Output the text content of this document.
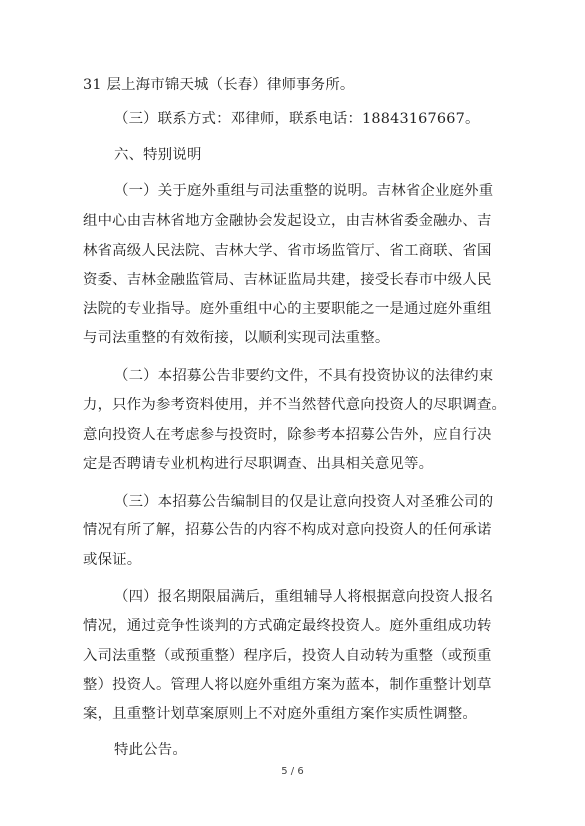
31 层上海市锦天城（长春）律师事务所。
（三）联系方式：邓律师，联系电话：18843167667。
六、特别说明
（一）关于庭外重组与司法重整的说明。吉林省企业庭外重
组中心由吉林省地方金融协会发起设立，由吉林省委金融办、吉
林省高级人民法院、吉林大学、省市场监管厅、省工商联、省国
资委、吉林金融监管局、吉林证监局共建，接受长春市中级人民
法院的专业指导。庭外重组中心的主要职能之一是通过庭外重组
与司法重整的有效衔接，以顺利实现司法重整。
（二）本招募公告非要约文件，不具有投资协议的法律约束
力，只作为参考资料使用，并不当然替代意向投资人的尽职调查。
意向投资人在考虑参与投资时，除参考本招募公告外，应自行决
定是否聘请专业机构进行尽职调查、出具相关意见等。
（三）本招募公告编制目的仅是让意向投资人对圣雅公司的
情况有所了解，招募公告的内容不构成对意向投资人的任何承诺
或保证。
（四）报名期限届满后，重组辅导人将根据意向投资人报名
情况，通过竞争性谈判的方式确定最终投资人。庭外重组成功转
入司法重整（或预重整）程序后，投资人自动转为重整（或预重
整）投资人。管理人将以庭外重组方案为蓝本，制作重整计划草
案，且重整计划草案原则上不对庭外重组方案作实质性调整。
特此公告。
5 / 6
